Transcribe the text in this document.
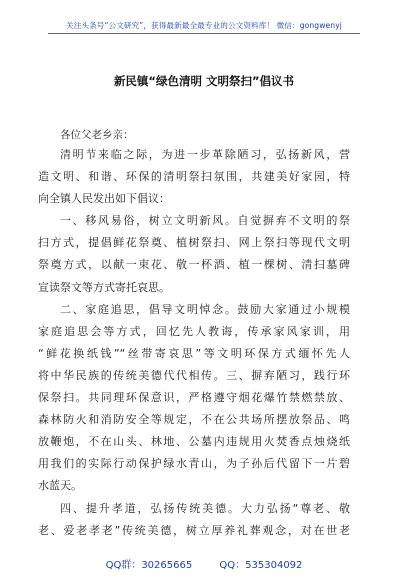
关注头条号“公文研究”，获得最新最全最专业的公文资料库！ 微信：gongwenyj
新民镇“绿色清明 文明祭扫”倡议书
各位父老乡亲：
清明节来临之际，为进一步革除陋习，弘扬新风，营
造文明、和谐、环保的清明祭扫氛围，共建美好家园，特
向全镇人民发出如下倡议：
一、移风易俗，树立文明新风。自觉摒弃不文明的祭
扫方式，提倡鲜花祭奠、植树祭扫、网上祭扫等现代文明
祭奠方式，以献一束花、敬一杯酒、植一棵树、清扫墓碑
宣读祭文等方式寄托哀思。
二、家庭追思，倡导文明悼念。鼓励大家通过小规模
家庭追思会等方式，回忆先人教诲，传承家风家训，用
“鲜花换纸钱”“丝带寄哀思”等文明环保方式缅怀先人
将中华民族的传统美德代代相传。三、摒弃陋习，践行环
保祭扫。共同理环保意识，严格遵守烟花爆竹禁燃禁放、
森林防火和消防安全等规定，不在公共场所摆放祭品、鸣
放鞭炮，不在山头、林地、公墓内违规用火焚香点烛烧纸
用我们的实际行动保护绿水青山，为子孙后代留下一片碧
水蓝天。
四、提升孝道，弘扬传统美德。大力弘扬“尊老、敬
老、爱老孝老”传统美德，树立厚养礼葬观念，对在世老
QQ群：30265665	QQ：535304092
